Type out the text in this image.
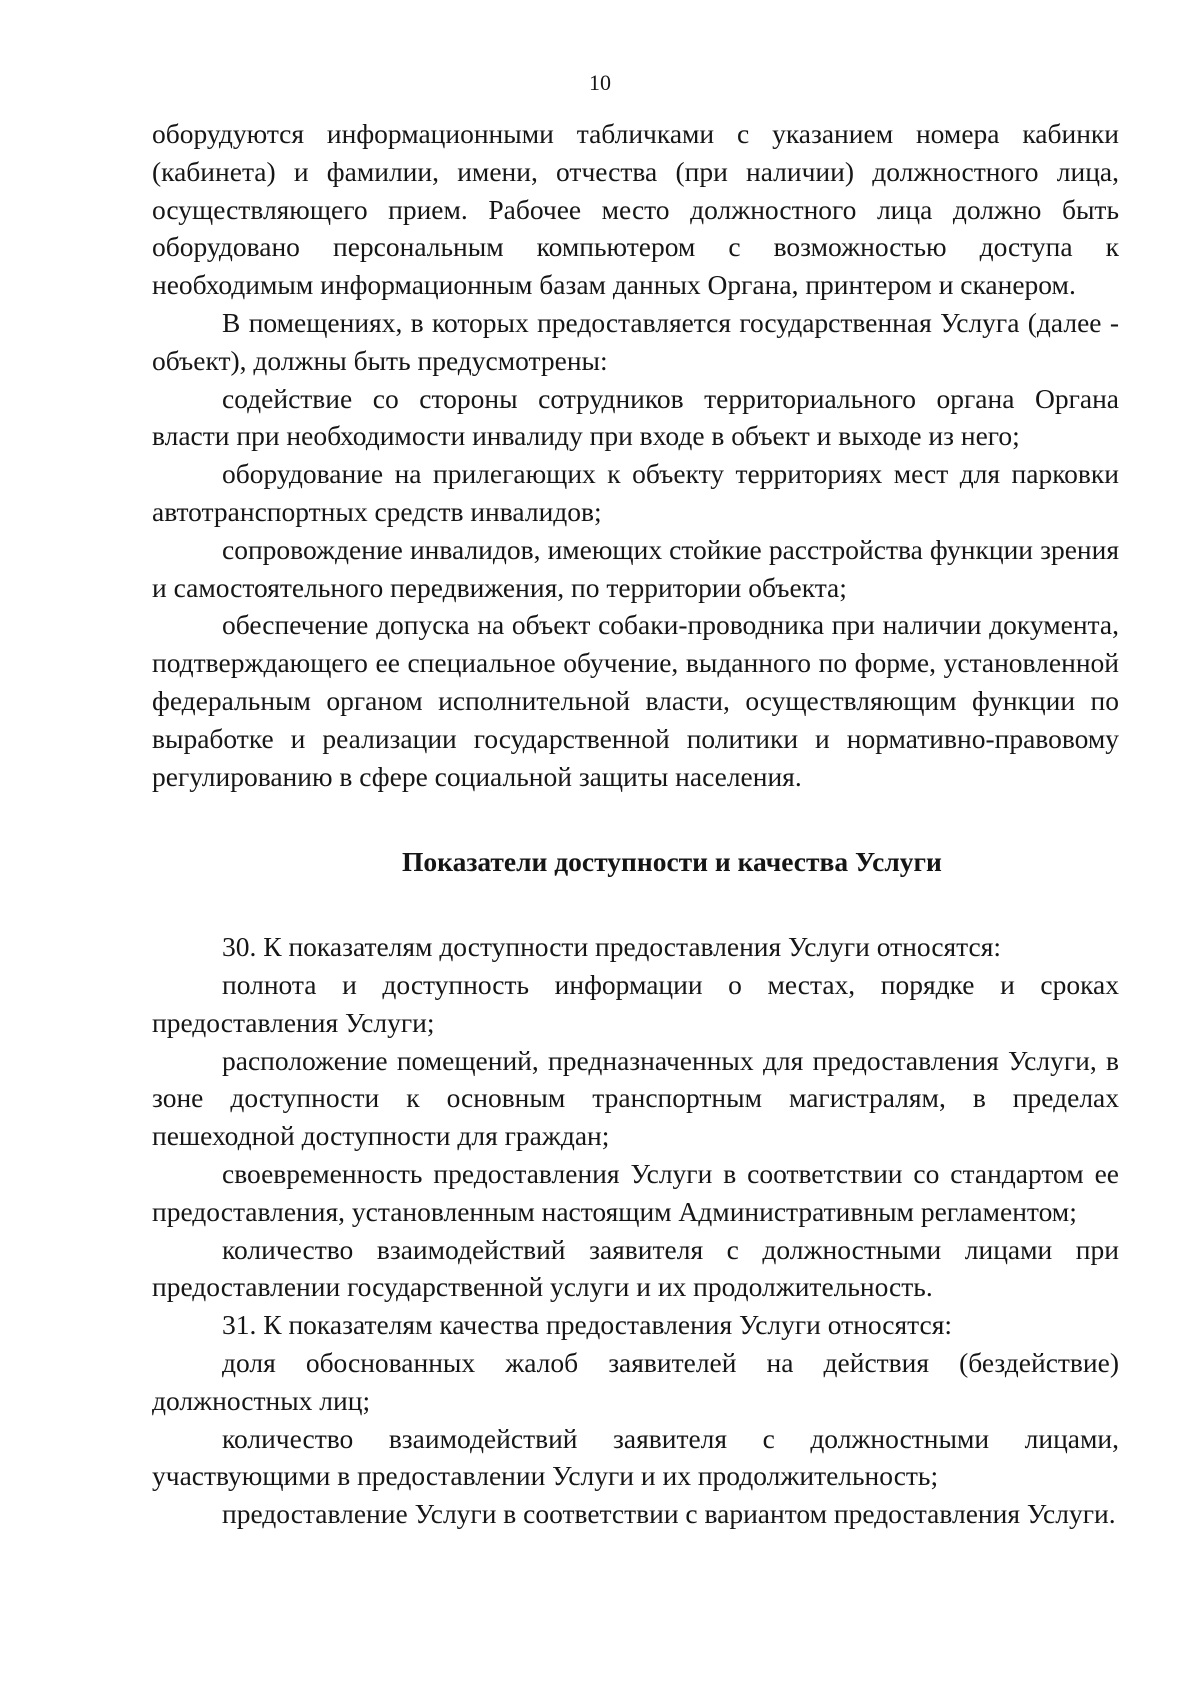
10

оборудуются информационными табличками с указанием номера кабинки (кабинета) и фамилии, имени, отчества (при наличии) должностного лица, осуществляющего прием. Рабочее место должностного лица должно быть оборудовано персональным компьютером с возможностью доступа к необходимым информационным базам данных Органа, принтером и сканером.

В помещениях, в которых предоставляется государственная Услуга (далее - объект), должны быть предусмотрены:

содействие со стороны сотрудников территориального органа Органа власти при необходимости инвалиду при входе в объект и выходе из него;

оборудование на прилегающих к объекту территориях мест для парковки автотранспортных средств инвалидов;

сопровождение инвалидов, имеющих стойкие расстройства функции зрения и самостоятельного передвижения, по территории объекта;

обеспечение допуска на объект собаки-проводника при наличии документа, подтверждающего ее специальное обучение, выданного по форме, установленной федеральным органом исполнительной власти, осуществляющим функции по выработке и реализации государственной политики и нормативно-правовому регулированию в сфере социальной защиты населения.

Показатели доступности и качества Услуги

30. К показателям доступности предоставления Услуги относятся:

полнота и доступность информации о местах, порядке и сроках предоставления Услуги;

расположение помещений, предназначенных для предоставления Услуги, в зоне доступности к основным транспортным магистралям, в пределах пешеходной доступности для граждан;

своевременность предоставления Услуги в соответствии со стандартом ее предоставления, установленным настоящим Административным регламентом;

количество взаимодействий заявителя с должностными лицами при предоставлении государственной услуги и их продолжительность.

31. К показателям качества предоставления Услуги относятся:

доля обоснованных жалоб заявителей на действия (бездействие) должностных лиц;

количество взаимодействий заявителя с должностными лицами, участвующими в предоставлении Услуги и их продолжительность;

предоставление Услуги в соответствии с вариантом предоставления Услуги.
